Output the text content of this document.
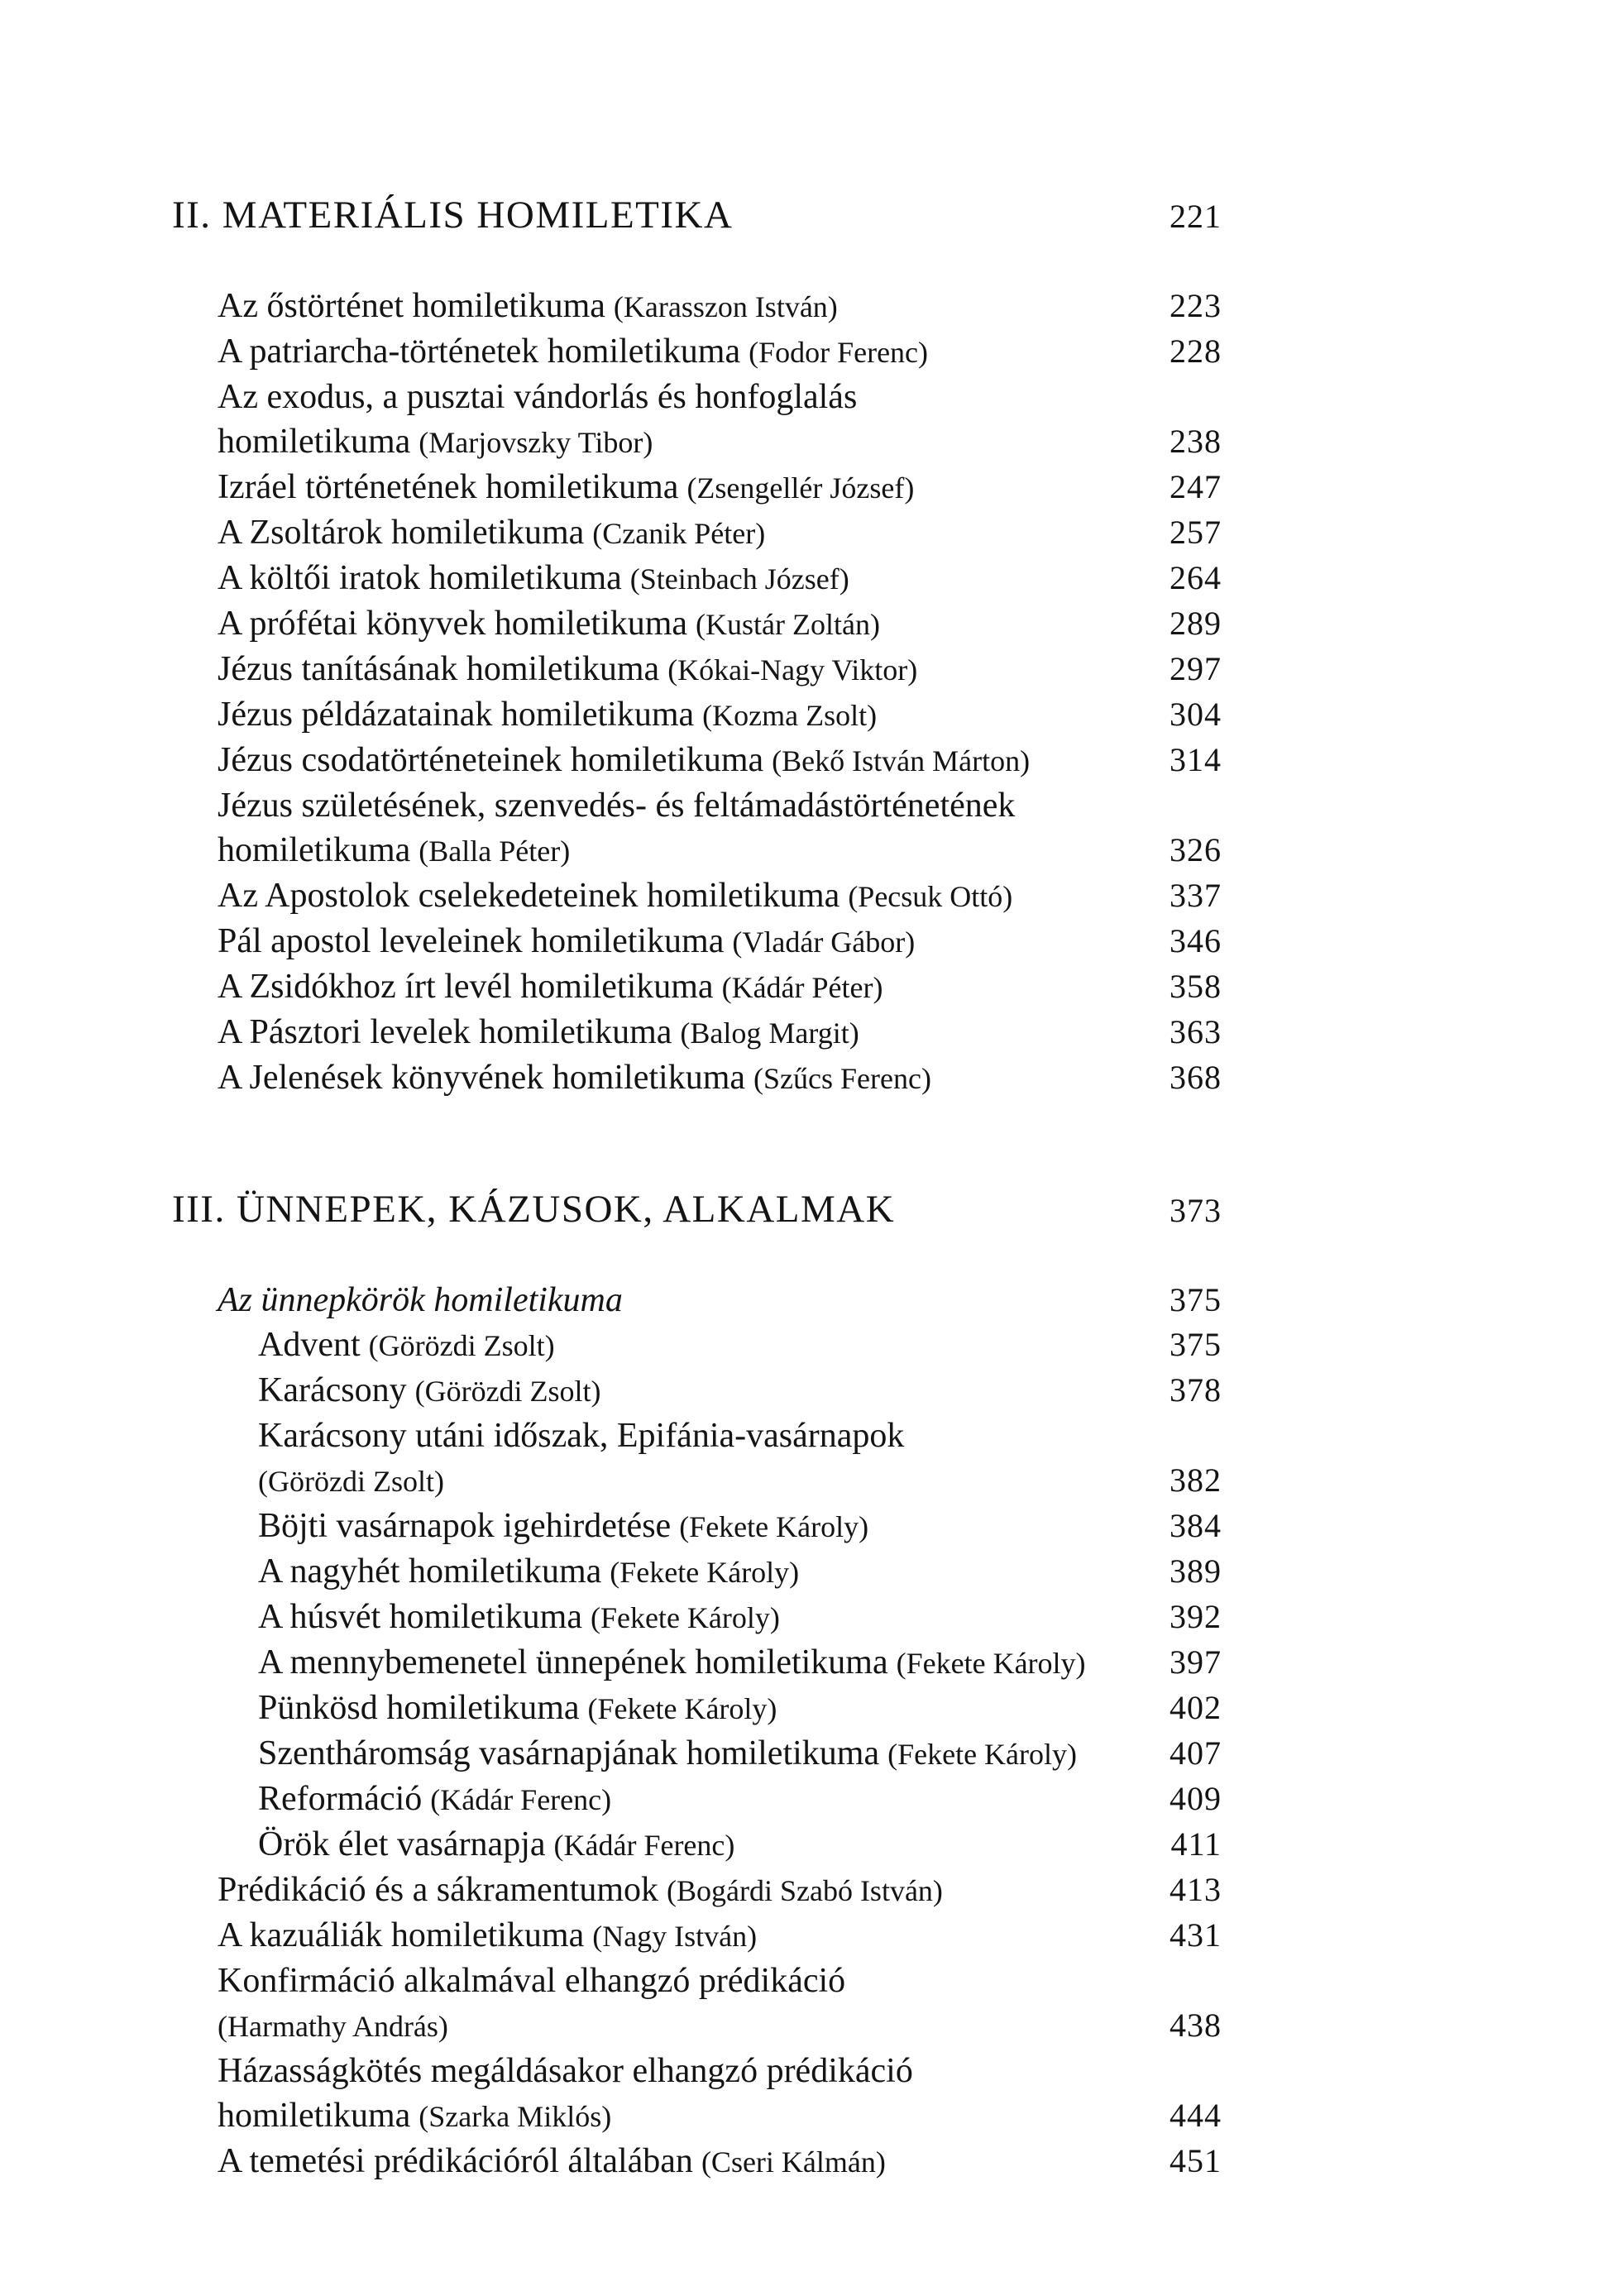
II. MATERIÁLIS HOMILETIKA	221
Az őstörténet homiletikuma (Karasszon István)	223
A patriarcha-történetek homiletikuma (Fodor Ferenc)	228
Az exodus, a pusztai vándorlás és honfoglalás
homiletikuma (Marjovszky Tibor)	238
Izráel történetének homiletikuma (Zsengellér József)	247
A Zsoltárok homiletikuma (Czanik Péter)	257
A költői iratok homiletikuma (Steinbach József)	264
A prófétai könyvek homiletikuma (Kustár Zoltán)	289
Jézus tanításának homiletikuma (Kókai-Nagy Viktor)	297
Jézus példázatainak homiletikuma (Kozma Zsolt)	304
Jézus csodatörténeteinek homiletikuma (Bekő István Márton)	314
Jézus születésének, szenvedés- és feltámadástörténetének
homiletikuma (Balla Péter)	326
Az Apostolok cselekedeteinek homiletikuma (Pecsuk Ottó)	337
Pál apostol leveleinek homiletikuma (Vladár Gábor)	346
A Zsidókhoz írt levél homiletikuma (Kádár Péter)	358
A Pásztori levelek homiletikuma (Balog Margit)	363
A Jelenések könyvének homiletikuma (Szűcs Ferenc)	368
III. ÜNNEPEK, KÁZUSOK, ALKALMAK	373
Az ünnepkörök homiletikuma	375
Advent (Görözdi Zsolt)	375
Karácsony (Görözdi Zsolt)	378
Karácsony utáni időszak, Epifánia-vasárnapok
(Görözdi Zsolt)	382
Böjti vasárnapok igehirdetése (Fekete Károly)	384
A nagyhét homiletikuma (Fekete Károly)	389
A húsvét homiletikuma (Fekete Károly)	392
A mennybemenetel ünnepének homiletikuma (Fekete Károly)	397
Pünkösd homiletikuma (Fekete Károly)	402
Szentháromság vasárnapjának homiletikuma (Fekete Károly)	407
Reformáció (Kádár Ferenc)	409
Örök élet vasárnapja (Kádár Ferenc)	411
Prédikáció és a sákramentumok (Bogárdi Szabó István)	413
A kazuáliák homiletikuma (Nagy István)	431
Konfirmáció alkalmával elhangzó prédikáció
(Harmathy András)	438
Házasságkötés megáldásakor elhangzó prédikáció
homiletikuma (Szarka Miklós)	444
A temetési prédikációról általában (Cseri Kálmán)	451
